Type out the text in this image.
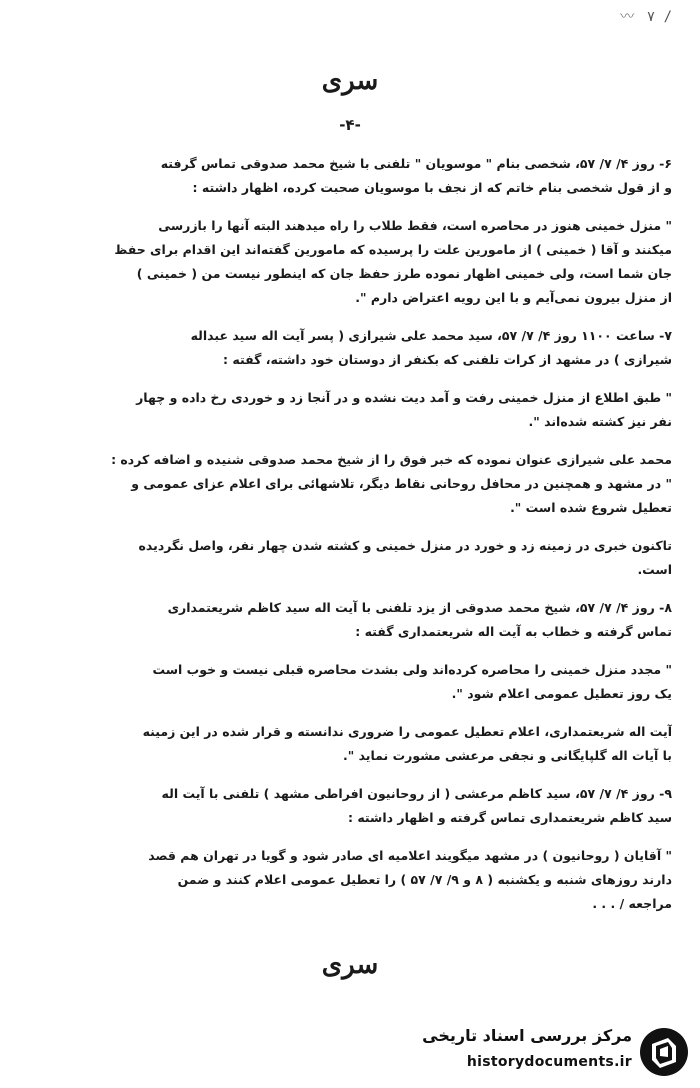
〰 ۷ /
سری
-۴-
۶- روز ۴/ ۷/ ۵۷، شخصی بنام " موسویان " تلفنی با شیخ محمد صدوقی تماس گرفته
و از قول شخصی بنام خاتم که از نجف با موسویان صحبت کرده، اظهار داشته :
" منزل خمینی هنوز در محاصره است، فقط طلاب را راه میدهند البته آنها را بازرسی
میکنند و آقا ( خمینی ) از مامورین علت را پرسیده که مامورین گفته‌اند این اقدام برای حفظ
جان شما است، ولی خمینی اظهار نموده طرز حفظ جان که اینطور نیست من ( خمینی )
از منزل بیرون نمی‌آیم و با این رویه اعتراض دارم ".
۷- ساعت ۱۱۰۰ روز ۴/ ۷/ ۵۷، سید محمد علی شیرازی ( پسر آیت اله سید عبداله
شیرازی ) در مشهد از کرات تلفنی که بکنفر از دوستان خود داشته، گفته :
" طبق اطلاع از منزل خمینی رفت و آمد دیت نشده و در آنجا زد و خوردی رخ داده و چهار
نفر نیز کشته شده‌اند ".
محمد علی شیرازی عنوان نموده که خبر فوق را از شیخ محمد صدوقی شنیده و اضافه کرده :
" در مشهد و همچنین در محافل روحانی نقاط دیگر، تلاشهائی برای اعلام عزای عمومی و
تعطیل شروع شده است ".
تاکنون خبری در زمینه زد و خورد در منزل خمینی و کشته شدن چهار نفر، واصل نگردیده
است.
۸- روز ۴/ ۷/ ۵۷، شیخ محمد صدوقی از یزد تلفنی با آیت اله سید کاظم شریعتمداری
تماس گرفته و خطاب به آیت اله شریعتمداری گفته :
" مجدد منزل خمینی را محاصره کرده‌اند ولی بشدت محاصره قبلی نیست و خوب است
یک روز تعطیل عمومی اعلام شود ".
آیت اله شریعتمداری، اعلام تعطیل عمومی را ضروری ندانسته و قرار شده در این زمینه
با آیات اله گلپایگانی و نجفی مرعشی مشورت نماید ".
۹- روز ۴/ ۷/ ۵۷، سید کاظم مرعشی ( از روحانیون افراطی مشهد ) تلفنی با آیت اله
سید کاظم شریعتمداری تماس گرفته و اظهار داشته :
" آقایان ( روحانیون ) در مشهد میگویند اعلامیه ای صادر شود و گویا در تهران هم قصد
دارند روزهای شنبه و یکشنبه ( ۸ و ۹/ ۷/ ۵۷ ) را تعطیل عمومی اعلام کنند و ضمن
مراجعه / . . .
سری
مرکز بررسی اسناد تاریخی
historydocuments.ir
